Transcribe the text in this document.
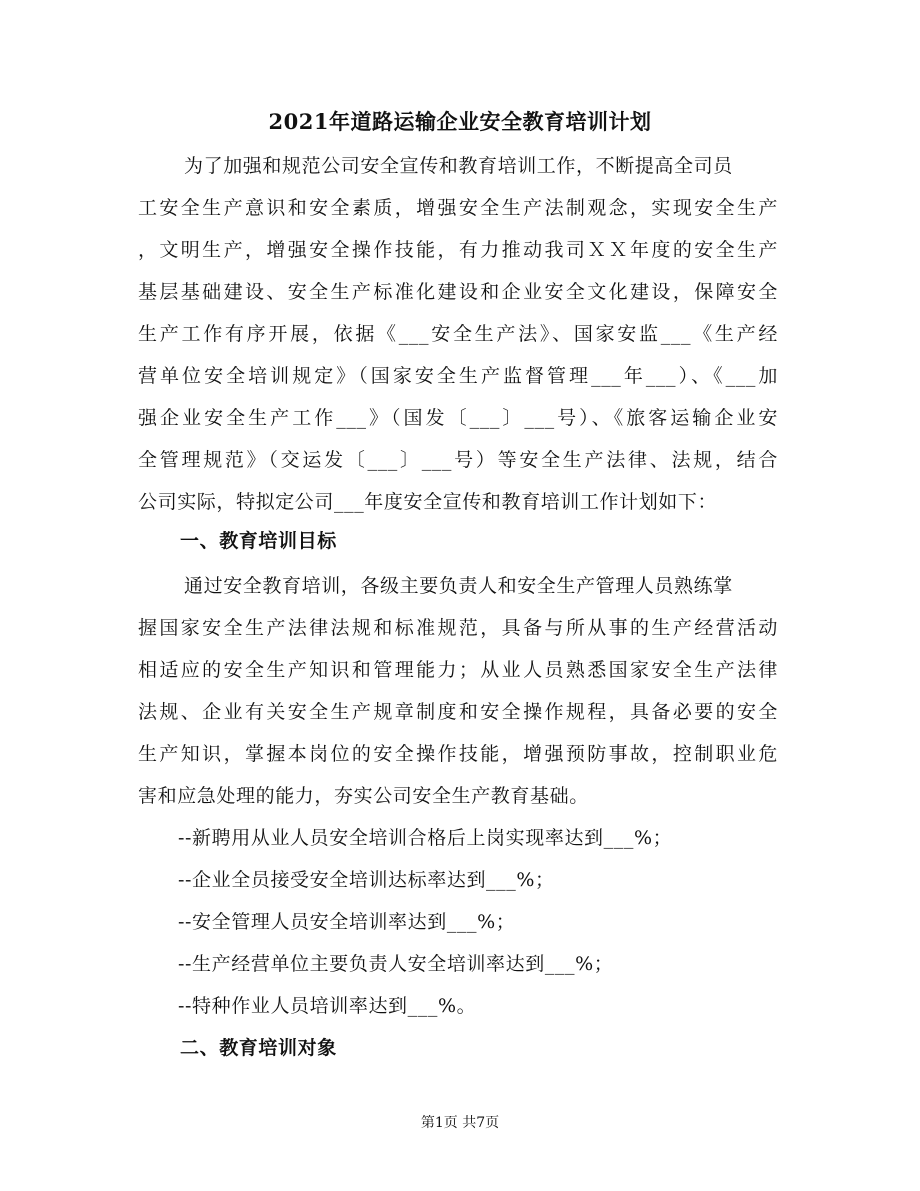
2021年道路运输企业安全教育培训计划
为了加强和规范公司安全宣传和教育培训工作，不断提高全司员
工安全生产意识和安全素质，增强安全生产法制观念，实现安全生产
，文明生产，增强安全操作技能，有力推动我司ＸＸ年度的安全生产
基层基础建设、安全生产标准化建设和企业安全文化建设，保障安全
生产工作有序开展，依据《___安全生产法》、国家安监___《生产经
营单位安全培训规定》（国家安全生产监督管理___年___）、《___加
强企业安全生产工作___》（国发〔___〕___号）、《旅客运输企业安
全管理规范》（交运发〔___〕___号）等安全生产法律、法规，结合
公司实际，特拟定公司___年度安全宣传和教育培训工作计划如下：
一、教育培训目标
通过安全教育培训，各级主要负责人和安全生产管理人员熟练掌
握国家安全生产法律法规和标准规范，具备与所从事的生产经营活动
相适应的安全生产知识和管理能力；从业人员熟悉国家安全生产法律
法规、企业有关安全生产规章制度和安全操作规程，具备必要的安全
生产知识，掌握本岗位的安全操作技能，增强预防事故，控制职业危
害和应急处理的能力，夯实公司安全生产教育基础。
--新聘用从业人员安全培训合格后上岗实现率达到___%；
--企业全员接受安全培训达标率达到___%；
--安全管理人员安全培训率达到___%；
--生产经营单位主要负责人安全培训率达到___%；
--特种作业人员培训率达到___%。
二、教育培训对象
第1页 共7页
